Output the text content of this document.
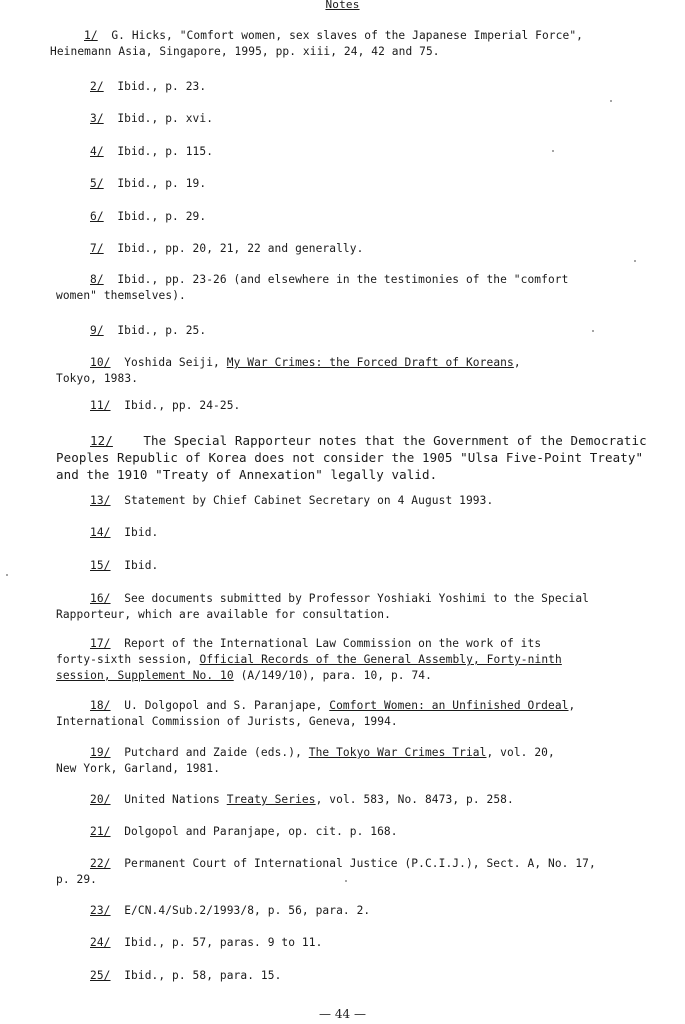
Notes
1/ G. Hicks, "Comfort women, sex slaves of the Japanese Imperial Force",
Heinemann Asia, Singapore, 1995, pp. xiii, 24, 42 and 75.
2/ Ibid., p. 23.
3/ Ibid., p. xvi.
4/ Ibid., p. 115.
5/ Ibid., p. 19.
6/ Ibid., p. 29.
7/ Ibid., pp. 20, 21, 22 and generally.
8/ Ibid., pp. 23-26 (and elsewhere in the testimonies of the "comfort
women" themselves).
9/ Ibid., p. 25.
10/ Yoshida Seiji, My War Crimes: the Forced Draft of Koreans,
Tokyo, 1983.
11/ Ibid., pp. 24-25.
12/    The Special Rapporteur notes that the Government of the Democratic
Peoples Republic of Korea does not consider the 1905 "Ulsa Five-Point Treaty"
and the 1910 "Treaty of Annexation" legally valid.
13/ Statement by Chief Cabinet Secretary on 4 August 1993.
14/ Ibid.
15/ Ibid.
16/ See documents submitted by Professor Yoshiaki Yoshimi to the Special
Rapporteur, which are available for consultation.
17/ Report of the International Law Commission on the work of its
forty-sixth session, Official Records of the General Assembly, Forty-ninth
session, Supplement No. 10 (A/149/10), para. 10, p. 74.
18/ U. Dolgopol and S. Paranjape, Comfort Women: an Unfinished Ordeal,
International Commission of Jurists, Geneva, 1994.
19/ Putchard and Zaide (eds.), The Tokyo War Crimes Trial, vol. 20,
New York, Garland, 1981.
20/ United Nations Treaty Series, vol. 583, No. 8473, p. 258.
21/ Dolgopol and Paranjape, op. cit. p. 168.
22/ Permanent Court of International Justice (P.C.I.J.), Sect. A, No. 17,
p. 29.
23/ E/CN.4/Sub.2/1993/8, p. 56, para. 2.
24/ Ibid., p. 57, paras. 9 to 11.
25/ Ibid., p. 58, para. 15.
— 44 —
